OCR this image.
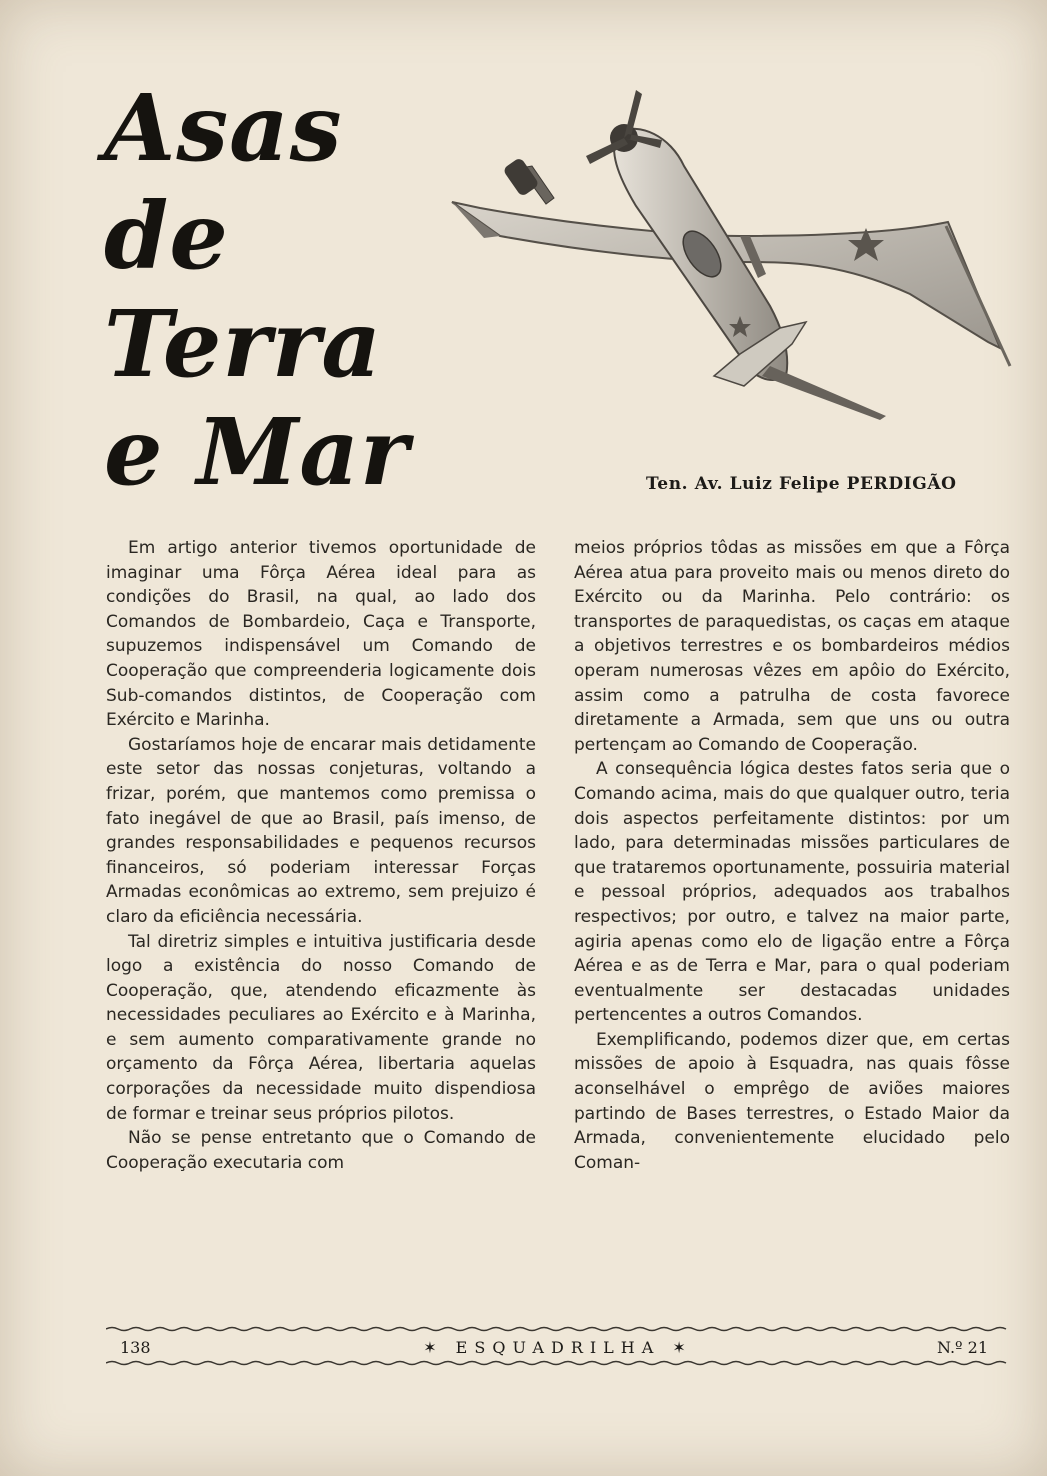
Asas
de
Terra
e Mar	Ten. Av. Luiz Felipe PERDIGÃO

Em artigo anterior tivemos oportunidade de imaginar uma Fôrça Aérea ideal para as condições do Brasil, na qual, ao lado dos Comandos de Bombardeio, Caça e Transporte, supuzemos indispensável um Comando de Cooperação que compreenderia logicamente dois Sub-comandos distintos, de Cooperação com Exército e Marinha.

Gostaríamos hoje de encarar mais detidamente este setor das nossas conjeturas, voltando a frizar, porém, que mantemos como premissa o fato inegável de que ao Brasil, país imenso, de grandes responsabilidades e pequenos recursos financeiros, só poderiam interessar Forças Armadas econômicas ao extremo, sem prejuizo é claro da eficiência necessária.

Tal diretriz simples e intuitiva justificaria desde logo a existência do nosso Comando de Cooperação, que, atendendo eficazmente às necessidades peculiares ao Exército e à Marinha, e sem aumento comparativamente grande no orçamento da Fôrça Aérea, libertaria aquelas corporações da necessidade muito dispendiosa de formar e treinar seus próprios pilotos.

Não se pense entretanto que o Comando de Cooperação executaria com

meios próprios tôdas as missões em que a Fôrça Aérea atua para proveito mais ou menos direto do Exército ou da Marinha. Pelo contrário: os transportes de paraquedistas, os caças em ataque a objetivos terrestres e os bombardeiros médios operam numerosas vêzes em apôio do Exército, assim como a patrulha de costa favorece diretamente a Armada, sem que uns ou outra pertençam ao Comando de Cooperação.

A consequência lógica destes fatos seria que o Comando acima, mais do que qualquer outro, teria dois aspectos perfeitamente distintos: por um lado, para determinadas missões particulares de que trataremos oportunamente, possuiria material e pessoal próprios, adequados aos trabalhos respectivos; por outro, e talvez na maior parte, agiria apenas como elo de ligação entre a Fôrça Aérea e as de Terra e Mar, para o qual poderiam eventualmente ser destacadas unidades pertencentes a outros Comandos.

Exemplificando, podemos dizer que, em certas missões de apoio à Esquadra, nas quais fôsse aconselhável o emprêgo de aviões maiores partindo de Bases terrestres, o Estado Maior da Armada, convenientemente elucidado pelo Coman-

138	✶ ESQUADRILHA ✶	N.º 21
